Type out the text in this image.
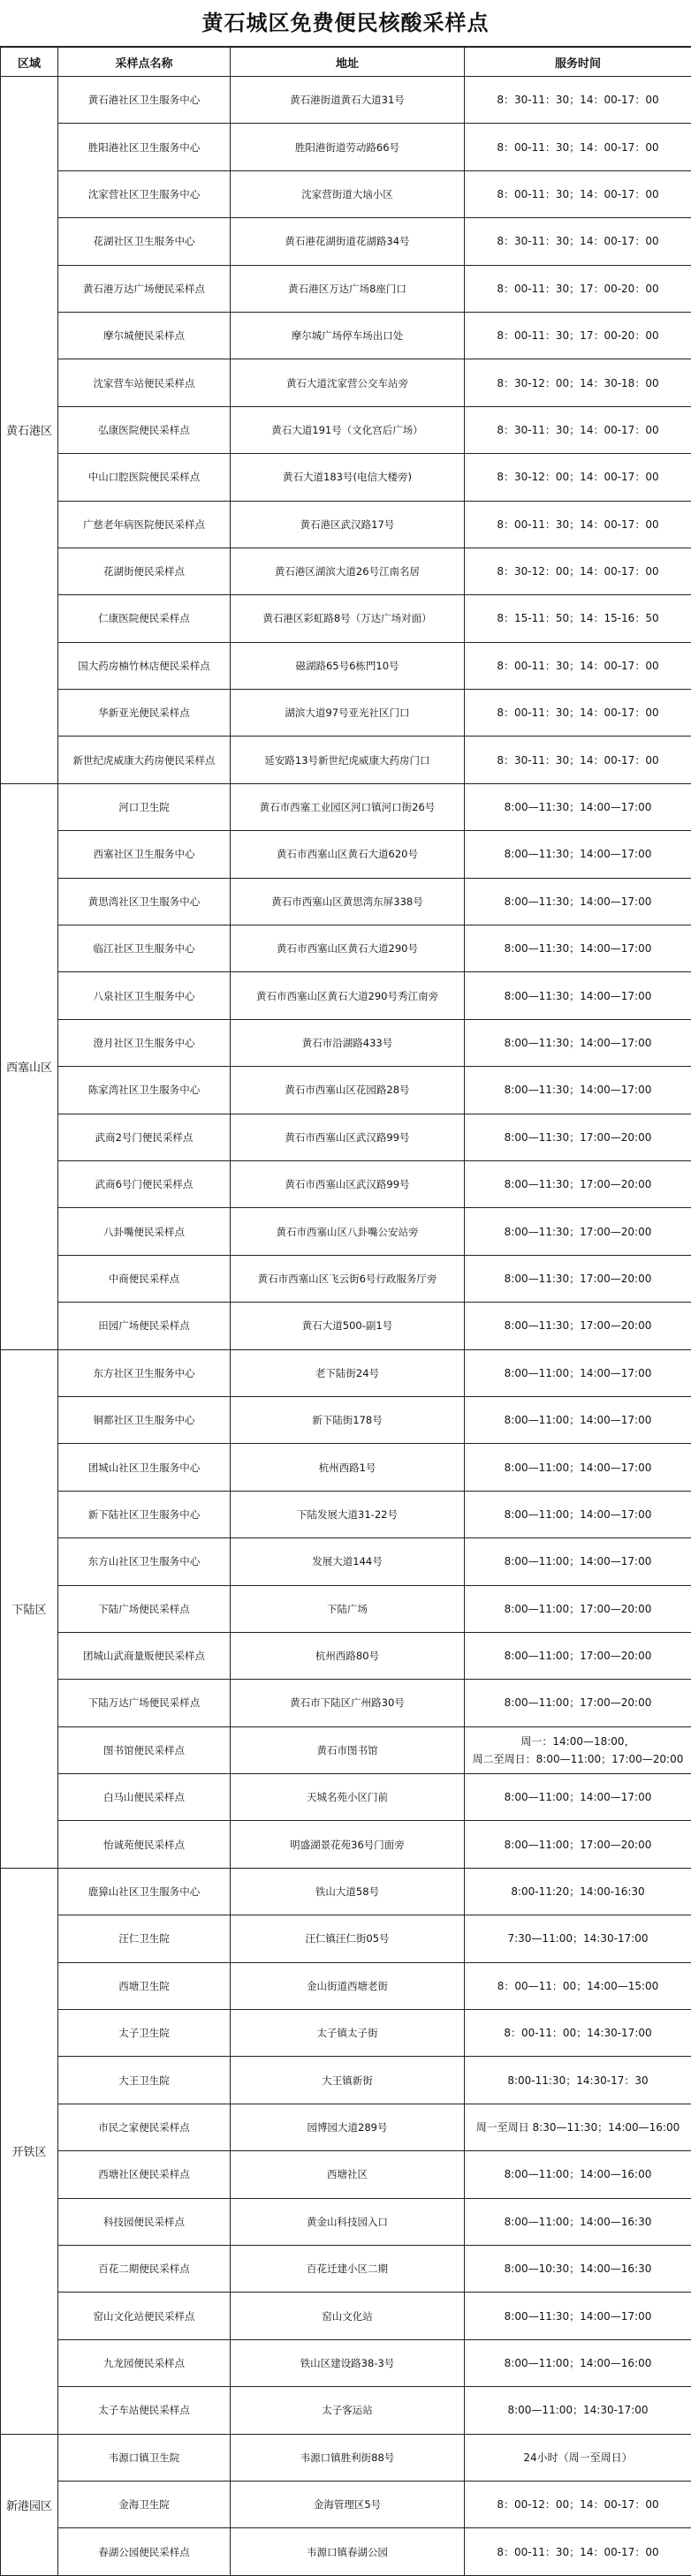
黄石城区免费便民核酸采样点
区域	采样点名称	地址	服务时间
黄石港区	黄石港社区卫生服务中心	黄石港街道黄石大道31号	8：30-11：30；14：00-17：00

	胜阳港社区卫生服务中心	胜阳港街道劳动路66号	8：00-11：30；14：00-17：00

	沈家营社区卫生服务中心	沈家营街道大垴小区	8：00-11：30；14：00-17：00

	花湖社区卫生服务中心	黄石港花湖街道花湖路34号	8：30-11：30；14：00-17：00

	黄石港万达广场便民采样点	黄石港区万达广场8座门口	8：00-11：30；17：00-20：00

	摩尔城便民采样点	摩尔城广场停车场出口处	8：00-11：30；17：00-20：00

	沈家营车站便民采样点	黄石大道沈家营公交车站旁	8：30-12：00；14：30-18：00

	弘康医院便民采样点	黄石大道191号（文化宫后广场）	8：30-11：30；14：00-17：00

	中山口腔医院便民采样点	黄石大道183号(电信大楼旁)	8：30-12：00；14：00-17：00

	广慈老年病医院便民采样点	黄石港区武汉路17号	8：00-11：30；14：00-17：00

	花湖街便民采样点	黄石港区湖滨大道26号江南名居	8：30-12：00；14：00-17：00

	仁康医院便民采样点	黄石港区彩虹路8号（万达广场对面）	8：15-11：50；14：15-16：50

	国大药房楠竹林店便民采样点	磁湖路65号6栋門10号	8：00-11：30；14：00-17：00

	华新亚光便民采样点	湖滨大道97号亚光社区门口	8：00-11：30；14：00-17：00

	新世纪虎威康大药房便民采样点	延安路13号新世纪虎威康大药房门口	8：30-11：30；14：00-17：00

西塞山区	河口卫生院	黄石市西塞工业园区河口镇河口街26号	8:00—11:30；14:00—17:00

	西塞社区卫生服务中心	黄石市西塞山区黄石大道620号	8:00—11:30；14:00—17:00

	黄思湾社区卫生服务中心	黄石市西塞山区黄思湾东屏338号	8:00—11:30；14:00—17:00

	临江社区卫生服务中心	黄石市西塞山区黄石大道290号	8:00—11:30；14:00—17:00

	八泉社区卫生服务中心	黄石市西塞山区黄石大道290号秀江南旁	8:00—11:30；14:00—17:00

	澄月社区卫生服务中心	黄石市沿湖路433号	8:00—11:30；14:00—17:00

	陈家湾社区卫生服务中心	黄石市西塞山区花园路28号	8:00—11:30；14:00—17:00

	武商2号门便民采样点	黄石市西塞山区武汉路99号	8:00—11:30；17:00—20:00

	武商6号门便民采样点	黄石市西塞山区武汉路99号	8:00—11:30；17:00—20:00

	八卦嘴便民采样点	黄石市西塞山区八卦嘴公安站旁	8:00—11:30；17:00—20:00

	中商便民采样点	黄石市西塞山区飞云街6号行政服务厅旁	8:00—11:30；17:00—20:00

	田园广场便民采样点	黄石大道500-副1号	8:00—11:30；17:00—20:00

下陆区	东方社区卫生服务中心	老下陆街24号	8:00—11:00；14:00—17:00

	铜都社区卫生服务中心	新下陆街178号	8:00—11:00；14:00—17:00

	团城山社区卫生服务中心	杭州西路1号	8:00—11:00；14:00—17:00

	新下陆社区卫生服务中心	下陆发展大道31-22号	8:00—11:00；14:00—17:00

	东方山社区卫生服务中心	发展大道144号	8:00—11:00；14:00—17:00

	下陆广场便民采样点	下陆广场	8:00—11:00；17:00—20:00

	团城山武商量贩便民采样点	杭州西路80号	8:00—11:00；17:00—20:00

	下陆万达广场便民采样点	黄石市下陆区广州路30号	8:00—11:00；17:00—20:00

	图书馆便民采样点	黄石市图书馆	周一：14:00—18:00，
周二至周日：8:00—11:00；17:00—20:00

	白马山便民采样点	天城名苑小区门前	8:00—11:00；14:00—17:00

	怡诚苑便民采样点	明盛湖景花苑36号门面旁	8:00—11:00；17:00—20:00

开铁区	鹿獐山社区卫生服务中心	铁山大道58号	8:00-11:20；14:00-16:30

	汪仁卫生院	汪仁镇汪仁街05号	7:30—11:00；14:30-17:00

	西塘卫生院	金山街道西塘老街	8：00—11：00；14:00—15:00

	太子卫生院	太子镇太子街	8：00-11：00；14:30-17:00

	大王卫生院	大王镇新街	8:00-11:30；14:30-17：30

	市民之家便民采样点	园博园大道289号	周一至周日 8:30—11:30；14:00—16:00

	西塘社区便民采样点	西塘社区	8:00—11:00；14:00—16:00

	科技园便民采样点	黄金山科技园入口	8:00—11:00；14:00—16:30

	百花二期便民采样点	百花迁建小区二期	8:00—10:30；14:00—16:30

	窑山文化站便民采样点	窑山文化站	8:00—11:30；14:00—17:00

	九龙园便民采样点	铁山区建设路38-3号	8:00—11:00；14:00—16:00

	太子车站便民采样点	太子客运站	8:00—11:00；14:30-17:00

新港园区	韦源口镇卫生院	韦源口镇胜利街88号	24小时（周一至周日）

	金海卫生院	金海管理区5号	8：00-12：00；14：00-17：00

	春湖公园便民采样点	韦源口镇春湖公园	8：00-11：30；14：00-17：00
